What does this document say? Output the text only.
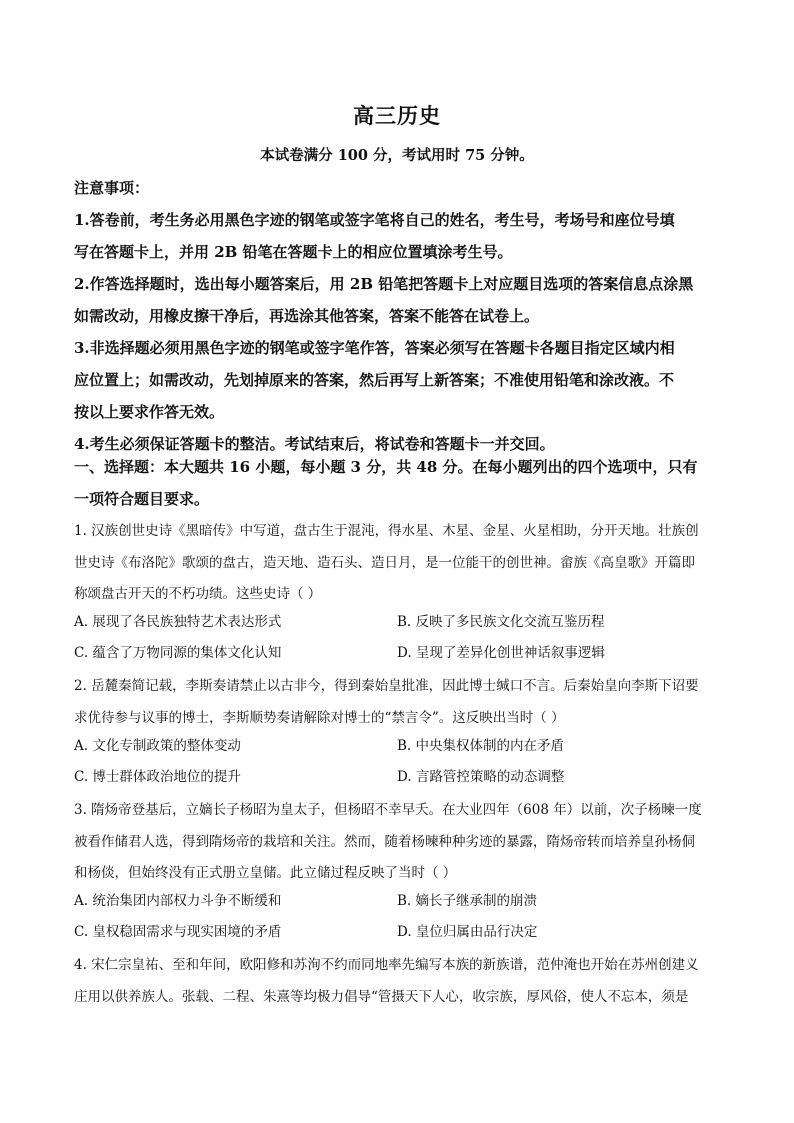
高三历史
本试卷满分 100 分，考试用时 75 分钟。
注意事项：
1.答卷前，考生务必用黑色字迹的钢笔或签字笔将自己的姓名，考生号，考场号和座位号填
写在答题卡上，并用 2B 铅笔在答题卡上的相应位置填涂考生号。
2.作答选择题时，选出每小题答案后，用 2B 铅笔把答题卡上对应题目选项的答案信息点涂黑
如需改动，用橡皮擦干净后，再选涂其他答案，答案不能答在试卷上。
3.非选择题必须用黑色字迹的钢笔或签字笔作答，答案必须写在答题卡各题目指定区域内相
应位置上；如需改动，先划掉原来的答案，然后再写上新答案；不准使用铅笔和涂改液。不
按以上要求作答无效。
4.考生必须保证答题卡的整洁。考试结束后，将试卷和答题卡一并交回。
一、选择题：本大题共 16 小题，每小题 3 分，共 48 分。在每小题列出的四个选项中，只有
一项符合题目要求。
1. 汉族创世史诗《黑暗传》中写道，盘古生于混沌，得水星、木星、金星、火星相助，分开天地。壮族创
世史诗《布洛陀》歌颂的盘古，造天地、造石头、造日月，是一位能干的创世神。畲族《高皇歌》开篇即
称颂盘古开天的不朽功绩。这些史诗（ ）
A. 展现了各民族独特艺术表达形式	B. 反映了多民族文化交流互鉴历程
C. 蕴含了万物同源的集体文化认知	D. 呈现了差异化创世神话叙事逻辑
2. 岳麓秦简记载，李斯奏请禁止以古非今，得到秦始皇批准，因此博士缄口不言。后秦始皇向李斯下诏要
求优待参与议事的博士，李斯顺势奏请解除对博士的“禁言令”。这反映出当时（ ）
A. 文化专制政策的整体变动	B. 中央集权体制的内在矛盾
C. 博士群体政治地位的提升	D. 言路管控策略的动态调整
3. 隋炀帝登基后，立嫡长子杨昭为皇太子，但杨昭不幸早夭。在大业四年（608 年）以前，次子杨暕一度
被看作储君人选，得到隋炀帝的栽培和关注。然而，随着杨暕种种劣迹的暴露，隋炀帝转而培养皇孙杨侗
和杨倓，但始终没有正式册立皇储。此立储过程反映了当时（ ）
A. 统治集团内部权力斗争不断缓和	B. 嫡长子继承制的崩溃
C. 皇权稳固需求与现实困境的矛盾	D. 皇位归属由品行决定
4. 宋仁宗皇祐、至和年间，欧阳修和苏洵不约而同地率先编写本族的新族谱，范仲淹也开始在苏州创建义
庄用以供养族人。张载、二程、朱熹等均极力倡导“管摄天下人心，收宗族，厚风俗，使人不忘本，须是
